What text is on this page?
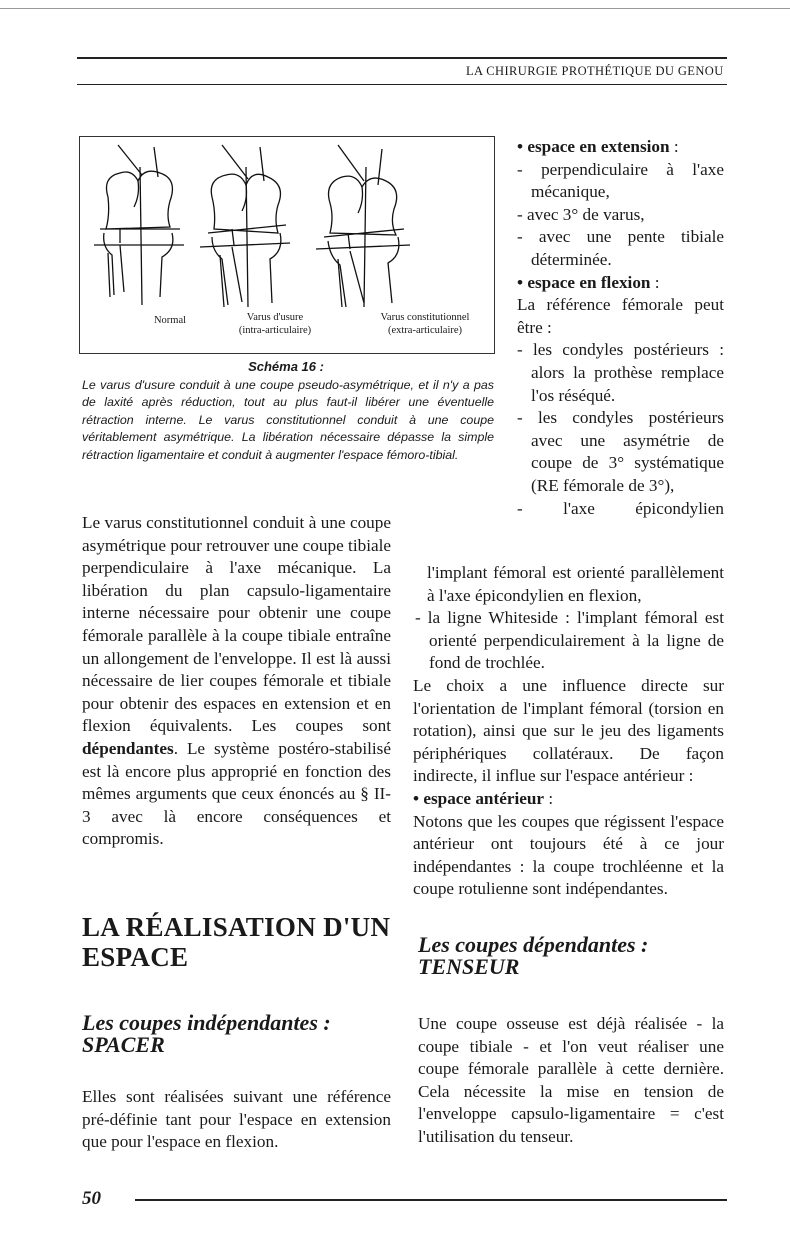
LA CHIRURGIE PROTHÉTIQUE DU GENOU
Normal	Varus d'usure
(intra-articulaire)
Varus constitutionnel
(extra-articulaire)
Schéma 16 :
Le varus d'usure conduit à une coupe pseudo-asymétrique, et il n'y a pas de laxité après réduction, tout au plus faut-il libérer une éventuelle rétraction interne. Le varus constitutionnel conduit à une coupe véritablement asymétrique. La libération nécessaire dépasse la simple rétraction ligamentaire et conduit à augmenter l'espace fémoro-tibial.

• espace en extension :

- perpendiculaire à l'axe mécanique,

- avec 3° de varus,

- avec une pente tibiale déterminée.

• espace en flexion :

La référence fémorale peut être :

- les condyles postérieurs : alors la prothèse remplace l'os réséqué.

- les condyles postérieurs avec une asymétrie de coupe de 3° systématique (RE fémorale de 3°),

- l'axe épicondylien

l'implant fémoral est orienté parallèlement à l'axe épicondylien en flexion,

- la ligne Whiteside : l'implant fémoral est orienté perpendiculairement à la ligne de fond de trochlée.

Le choix a une influence directe sur l'orientation de l'implant fémoral (torsion en rotation), ainsi que sur le jeu des ligaments périphériques collatéraux. De façon indirecte, il influe sur l'espace antérieur :

• espace antérieur :

Notons que les coupes que régissent l'espace antérieur ont toujours été à ce jour indépendantes : la coupe trochléenne et la coupe rotulienne sont indépendantes.

Le varus constitutionnel conduit à une coupe asymétrique pour retrouver une coupe tibiale perpendiculaire à l'axe mécanique. La libération du plan capsulo-ligamentaire interne nécessaire pour obtenir une coupe fémorale parallèle à la coupe tibiale entraîne un allongement de l'enveloppe. Il est là aussi nécessaire de lier coupes fémorale et tibiale pour obtenir des espaces en extension et en flexion équivalents. Les coupes sont dépendantes. Le système postéro-stabilisé est là encore plus approprié en fonction des mêmes arguments que ceux énoncés au § II-3 avec là encore conséquences et compromis.

LA RÉALISATION D'UN
ESPACE
Les coupes indépendantes :
SPACER
Elles sont réalisées suivant une référence pré-définie tant pour l'espace en extension que pour l'espace en flexion.
Les coupes dépendantes :
TENSEUR
Une coupe osseuse est déjà réalisée - la coupe tibiale - et l'on veut réaliser une coupe fémorale parallèle à cette dernière. Cela nécessite la mise en tension de l'enveloppe capsulo-ligamentaire = c'est l'utilisation du tenseur.
50
